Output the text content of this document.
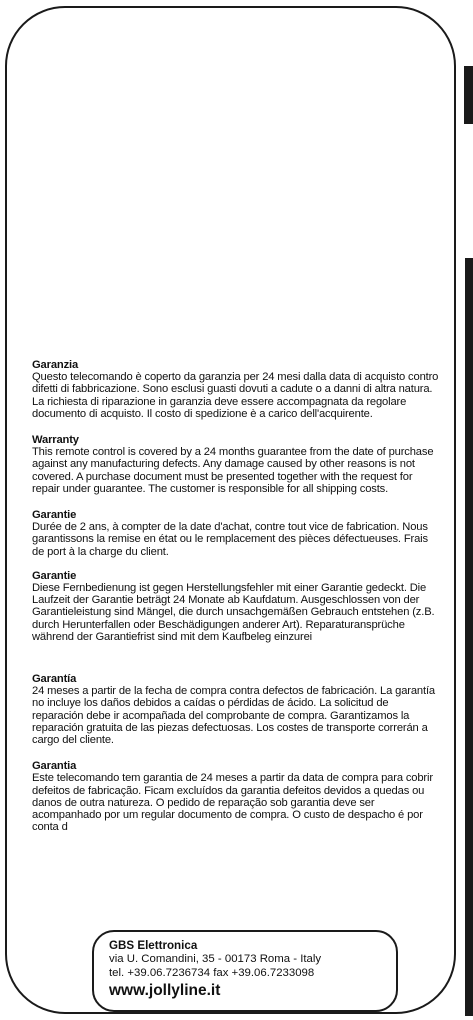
Garanzia
Questo telecomando è coperto da garanzia per 24 mesi dalla data di acquisto contro difetti di fabbricazione. Sono esclusi guasti dovuti a cadute o a danni di altra natura. La richiesta di riparazione in garanzia deve essere accompagnata da regolare documento di acquisto. Il costo di spedizione è a carico dell'acquirente.
Warranty
This remote control is covered by a 24 months guarantee from the date of purchase against any manufacturing defects. Any damage caused by other reasons is not covered. A purchase document must be presented together with the request for repair under guarantee. The customer is responsible for all shipping costs.
Garantie
Durée de 2 ans, à compter de la date d'achat, contre tout vice de fabrication. Nous garantissons la remise en état ou le remplacement des pièces défectueuses. Frais de port à la charge du client.
Garantie
Diese Fernbedienung ist gegen Herstellungsfehler mit einer Garantie gedeckt. Die Laufzeit der Garantie beträgt 24 Monate ab Kaufdatum. Ausgeschlossen von der Garantieleistung sind Mängel, die durch unsachgemäßen Gebrauch entstehen (z.B. durch Herunterfallen oder Beschädigungen anderer Art). Reparaturansprüche während der Garantiefrist sind mit dem Kaufbeleg einzurei
Garantía
24 meses a partir de la fecha de compra contra defectos de fabricación. La garantía no incluye los daños debidos a caídas o pérdidas de ácido. La solicitud de reparación debe ir acompañada del comprobante de compra. Garantizamos la reparación gratuita de las piezas defectuosas. Los costes de transporte correrán a cargo del cliente.
Garantia
Este telecomando tem garantia de 24 meses a partir da data de compra para cobrir defeitos de fabricação. Ficam excluídos da garantia defeitos devidos a quedas ou danos de outra natureza. O pedido de reparação sob garantia deve ser acompanhado por um regular documento de compra. O custo de despacho é por conta d
GBS Elettronica
via U. Comandini, 35 - 00173 Roma - Italy
tel. +39.06.7236734 fax +39.06.7233098
www.jollyline.it
